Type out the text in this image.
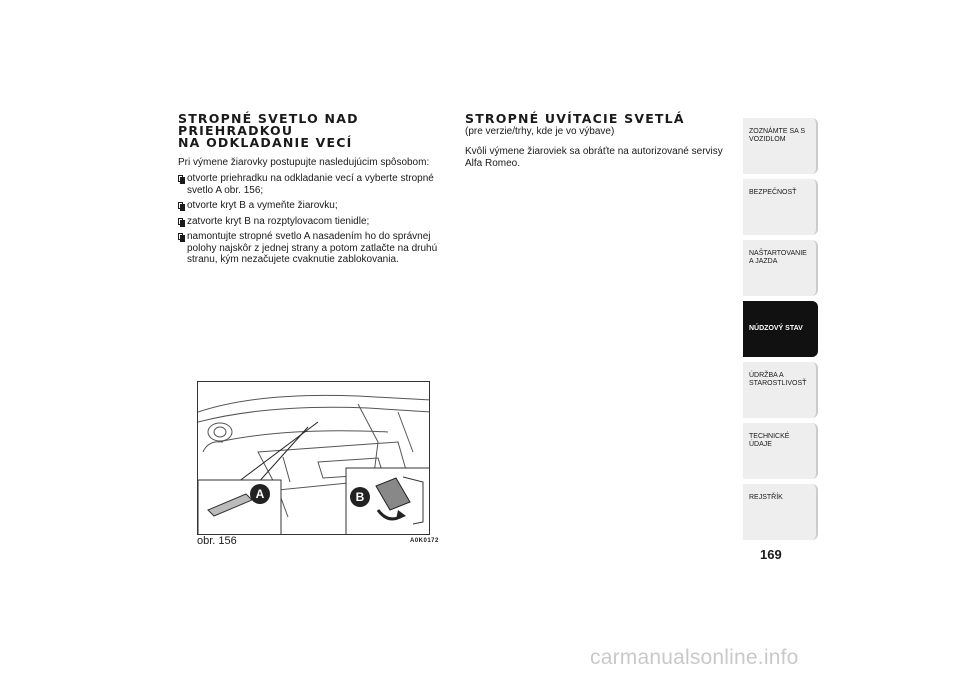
STROPNÉ SVETLO NAD PRIEHRADKOU
NA ODKLADANIE VECÍ

Pri výmene žiarovky postupujte nasledujúcim spôsobom:

otvorte priehradku na odkladanie vecí a vyberte stropné svetlo A obr. 156;
otvorte kryt B a vymeňte žiarovku;
zatvorte kryt B na rozptylovacom tienidle;
namontujte stropné svetlo A nasadením ho do správnej polohy najskôr z jednej strany a potom zatlačte na druhú stranu, kým nezačujete cvaknutie zablokovania.
STROPNÉ UVÍTACIE SVETLÁ

(pre verzie/trhy, kde je vo výbave)

Kvôli výmene žiaroviek sa obráťte na autorizované servisy Alfa Romeo.

A	B
obr. 156	A0K0172
ZOZNÁMTE SA S VOZIDLOM
BEZPEČNOSŤ
NAŠTARTOVANIE A JAZDA
NÚDZOVÝ STAV
ÚDRŽBA A STAROSTLIVOSŤ
TECHNICKÉ ÚDAJE
REJSTŘÍK
169
carmanualsonline.info
